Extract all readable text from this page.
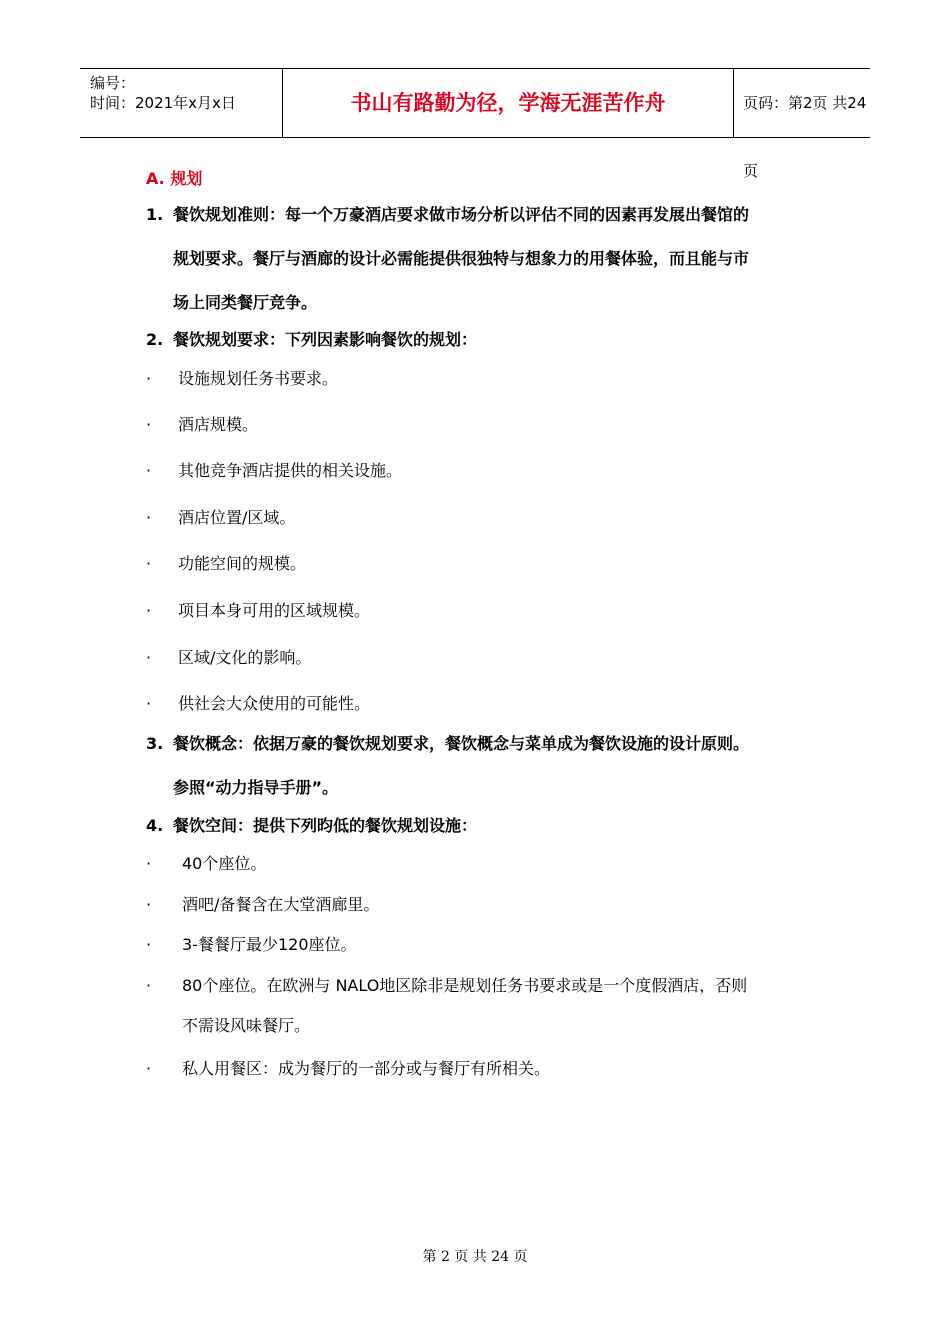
编号：
时间：2021年x月x日	书山有路勤为径，学海无涯苦作舟	页码：第2页 共24页
A. 规划
1. 餐饮规划准则：每一个万豪酒店要求做市场分析以评估不同的因素再发展出餐馆的
规划要求。餐厅与酒廊的设计必需能提供很独特与想象力的用餐体验，而且能与市
场上同类餐厅竞争。
2. 餐饮规划要求：下列因素影响餐饮的规划：
· 设施规划任务书要求。
· 酒店规模。
· 其他竞争酒店提供的相关设施。
· 酒店位置/区域。
· 功能空间的规模。
· 项目本身可用的区域规模。
· 区域/文化的影响。
· 供社会大众使用的可能性。
3. 餐饮概念：依据万豪的餐饮规划要求，餐饮概念与菜单成为餐饮设施的设计原则。
参照“动力指导手册”。
4. 餐饮空间：提供下列昀低的餐饮规划设施：
· 40个座位。
· 酒吧/备餐含在大堂酒廊里。
· 3-餐餐厅最少120座位。
· 80个座位。在欧洲与 NALO地区除非是规划任务书要求或是一个度假酒店，否则
不需设风味餐厅。
· 私人用餐区：成为餐厅的一部分或与餐厅有所相关。
第 2 页 共 24 页
